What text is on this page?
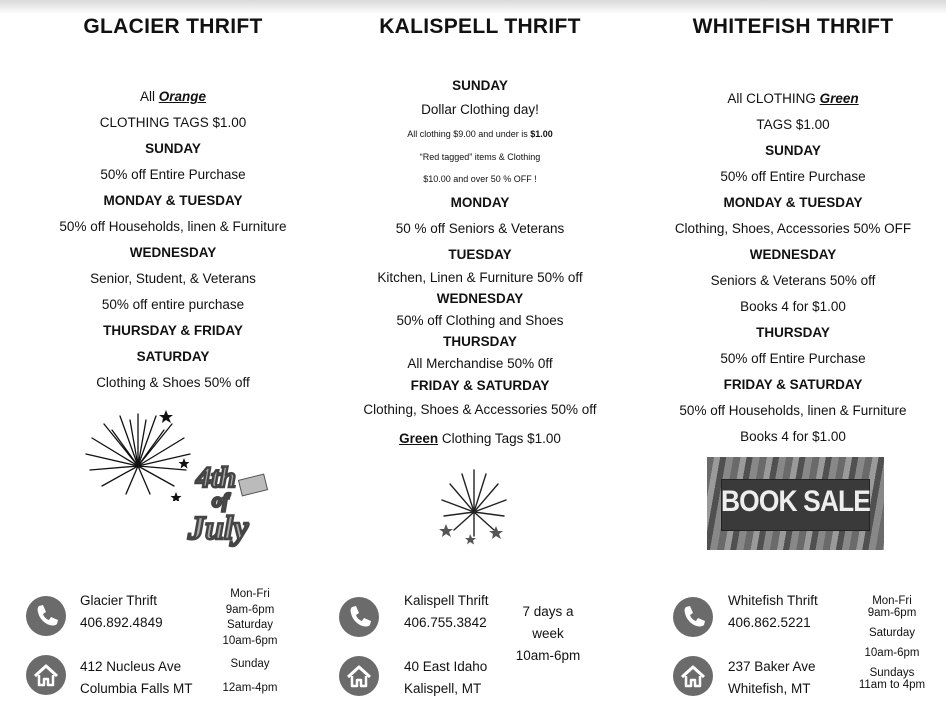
GLACIER THRIFT
All Orange
CLOTHING TAGS $1.00
SUNDAY
50% off Entire Purchase
MONDAY & TUESDAY
50% off Households, linen & Furniture
WEDNESDAY
Senior, Student, & Veterans
50% off entire purchase
THURSDAY & FRIDAY
SATURDAY
Clothing & Shoes 50% off
4th
of
July
Glacier Thrift
406.892.4849
412 Nucleus Ave
Columbia Falls MT
Mon-Fri
9am-6pm
Saturday
10am-6pm
Sunday
12am-4pm
KALISPELL THRIFT
SUNDAY
Dollar Clothing day!
All clothing $9.00 and under is $1.00
“Red tagged” items & Clothing
$10.00 and over 50 % OFF !
MONDAY
50 % off Seniors & Veterans
TUESDAY
Kitchen, Linen & Furniture 50% off
WEDNESDAY
50% off Clothing and Shoes
THURSDAY
All Merchandise 50% 0ff
FRIDAY & SATURDAY
Clothing, Shoes & Accessories 50% off
Green Clothing Tags $1.00
Kalispell Thrift
406.755.3842
40 East Idaho
Kalispell, MT
7 days a
week
10am-6pm
WHITEFISH THRIFT
All CLOTHING Green
TAGS $1.00
SUNDAY
50% off Entire Purchase
MONDAY & TUESDAY
Clothing, Shoes, Accessories 50% OFF
WEDNESDAY
Seniors & Veterans 50% off
Books 4 for $1.00
THURSDAY
50% off Entire Purchase
FRIDAY & SATURDAY
50% off Households, linen & Furniture
Books 4 for $1.00
BOOK SALE
Whitefish Thrift
406.862.5221
237 Baker Ave
Whitefish, MT
Mon-Fri
9am-6pm
Saturday
10am-6pm
Sundays
11am to 4pm
